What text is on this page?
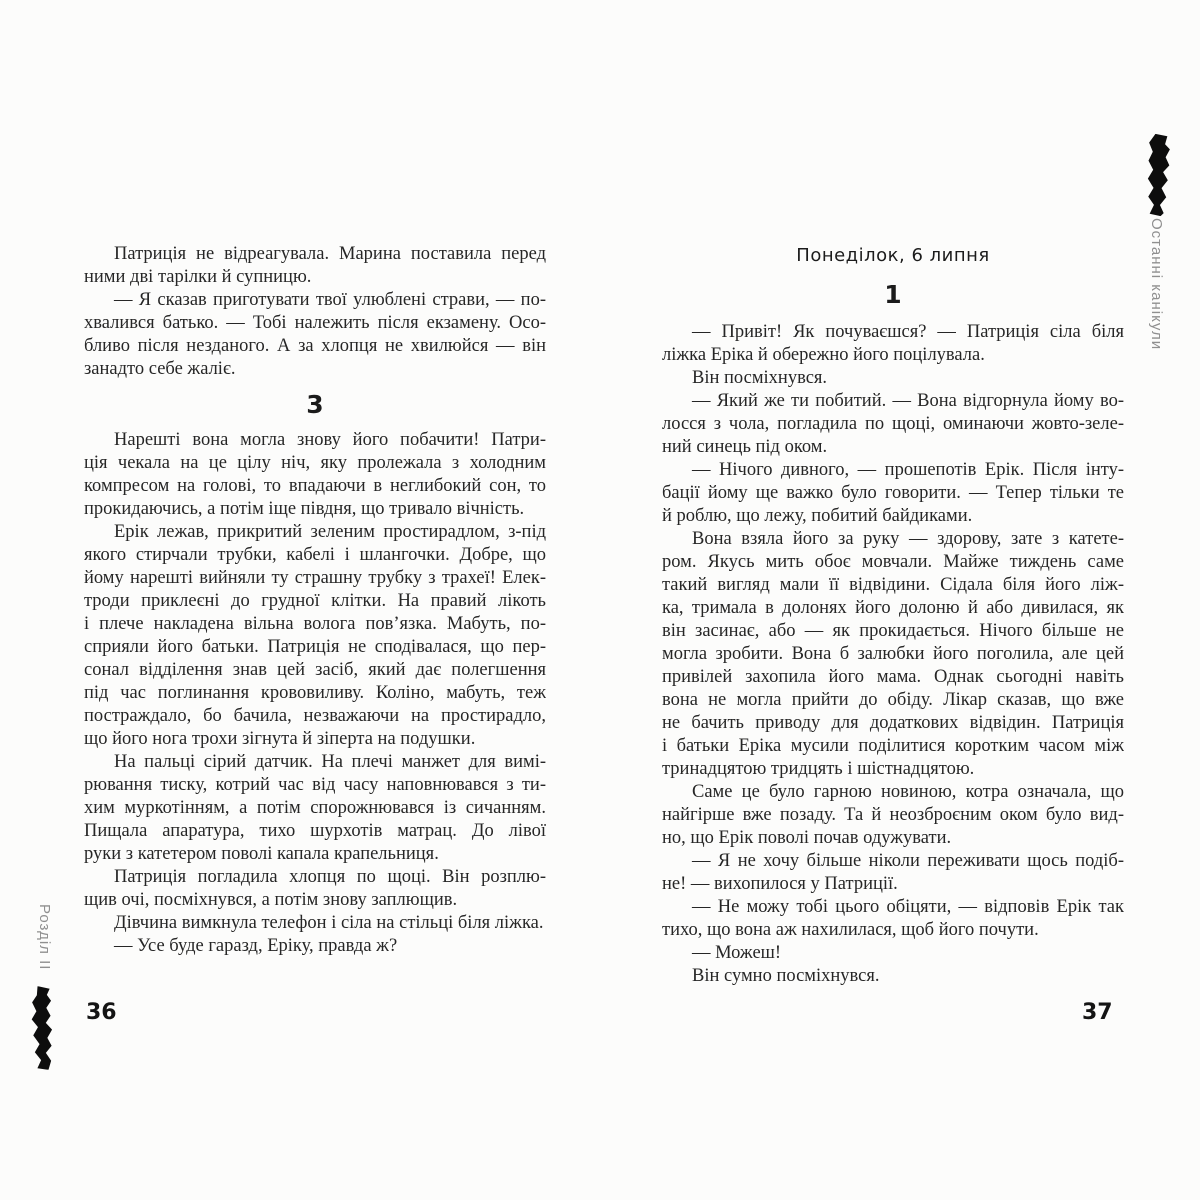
Патриція не відреагувала. Марина поставила перед
ними дві тарілки й супницю.
— Я сказав приготувати твої улюблені страви, — по-
хвалився батько. — Тобі належить після екзамену. Осо-
бливо після незданого. А за хлопця не хвилюйся — він
занадто себе жаліє.
3
Нарешті вона могла знову його побачити! Патри-
ція чекала на це цілу ніч, яку пролежала з холодним
компресом на голові, то впадаючи в неглибокий сон, то
прокидаючись, а потім іще півдня, що тривало вічність.
Ерік лежав, прикритий зеленим простирадлом, з-під
якого стирчали трубки, кабелі і шлангочки. Добре, що
йому нарешті вийняли ту страшну трубку з трахеї! Елек-
троди приклеєні до грудної клітки. На правий лікоть
і плече накладена вільна волога пов’язка. Мабуть, по-
сприяли його батьки. Патриція не сподівалася, що пер-
сонал відділення знав цей засіб, який дає полегшення
під час поглинання крововиливу. Коліно, мабуть, теж
постраждало, бо бачила, незважаючи на простирадло,
що його нога трохи зігнута й зіперта на подушки.
На пальці сірий датчик. На плечі манжет для вимі-
рювання тиску, котрий час від часу наповнювався з ти-
хим муркотінням, а потім спорожнювався із сичанням.
Пищала апаратура, тихо шурхотів матрац. До лівої
руки з катетером поволі капала крапельниця.
Патриція погладила хлопця по щоці. Він розплю-
щив очі, посміхнувся, а потім знову заплющив.
Дівчина вимкнула телефон і сіла на стільці біля ліжка.
— Усе буде гаразд, Еріку, правда ж?
36
Розділ II
Понеділок, 6 липня
1
— Привіт! Як почуваєшся? — Патриція сіла біля
ліжка Еріка й обережно його поцілувала.
Він посміхнувся.
— Який же ти побитий. — Вона відгорнула йому во-
лосся з чола, погладила по щоці, оминаючи жовто-зеле-
ний синець під оком.
— Нічого дивного, — прошепотів Ерік. Після інту-
бації йому ще важко було говорити. — Тепер тільки те
й роблю, що лежу, побитий байдиками.
Вона взяла його за руку — здорову, зате з катете-
ром. Якусь мить обоє мовчали. Майже тиждень саме
такий вигляд мали її відвідини. Сідала біля його ліж-
ка, тримала в долонях його долоню й або дивилася, як
він засинає, або — як прокидається. Нічого більше не
могла зробити. Вона б залюбки його поголила, але цей
привілей захопила його мама. Однак сьогодні навіть
вона не могла прийти до обіду. Лікар сказав, що вже
не бачить приводу для додаткових відвідин. Патриція
і батьки Еріка мусили поділитися коротким часом між
тринадцятою тридцять і шістнадцятою.
Саме це було гарною новиною, котра означала, що
найгірше вже позаду. Та й неозброєним оком було вид-
но, що Ерік поволі почав одужувати.
— Я не хочу більше ніколи переживати щось подіб-
не! — вихопилося у Патриції.
— Не можу тобі цього обіцяти, — відповів Ерік так
тихо, що вона аж нахилилася, щоб його почути.
— Можеш!
Він сумно посміхнувся.
37
Останні канікули
